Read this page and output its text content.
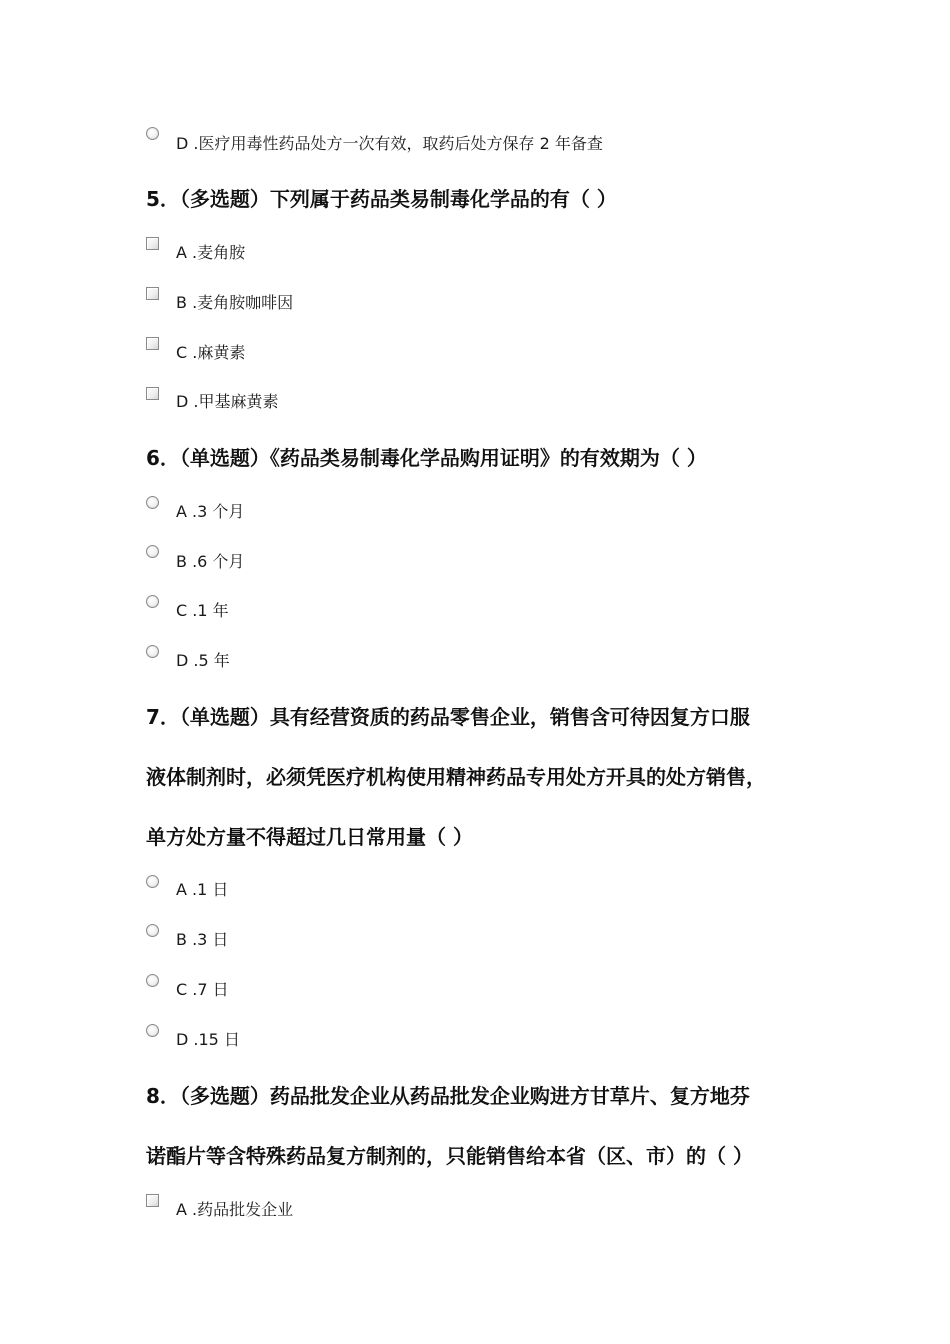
D .医疗用毒性药品处方一次有效，取药后处方保存 2 年备查
5．（多选题）下列属于药品类易制毒化学品的有（ ）
A .麦角胺
B .麦角胺咖啡因
C .麻黄素
D .甲基麻黄素
6．（单选题）《药品类易制毒化学品购用证明》的有效期为（ ）
A .3 个月
B .6 个月
C .1 年
D .5 年
7．（单选题）具有经营资质的药品零售企业，销售含可待因复方口服
液体制剂时，必须凭医疗机构使用精神药品专用处方开具的处方销售，
单方处方量不得超过几日常用量（ ）
A .1 日
B .3 日
C .7 日
D .15 日
8．（多选题）药品批发企业从药品批发企业购进方甘草片、复方地芬
诺酯片等含特殊药品复方制剂的，只能销售给本省（区、市）的（ ）
A .药品批发企业
